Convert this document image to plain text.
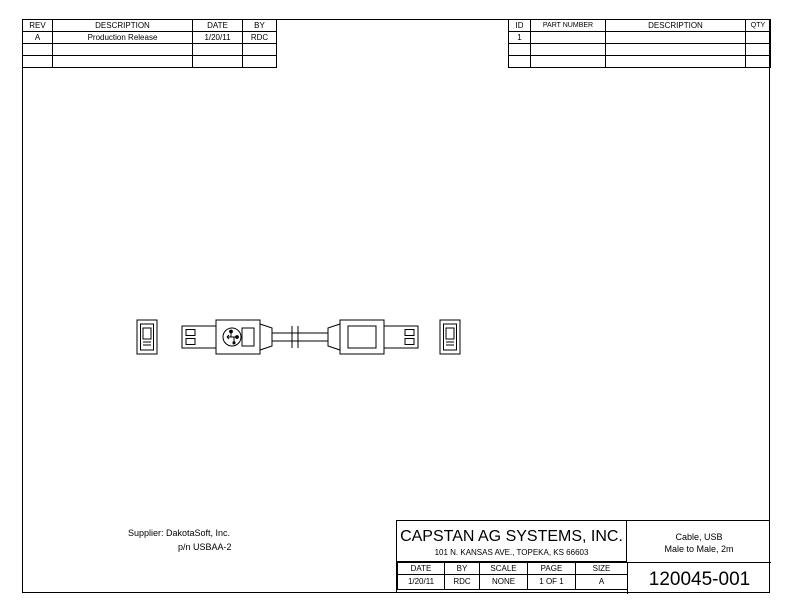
REV	DESCRIPTION	DATE	BY
A	Production Release	1/20/11	RDC

ID	PART NUMBER	DESCRIPTION	QTY
1			

Supplier: DakotaSoft, Inc.
p/n USBAA-2
CAPSTAN AG SYSTEMS, INC.
101 N. KANSAS AVE., TOPEKA, KS 66603
Cable, USB
Male to Male, 2m
DATE	BY	SCALE	PAGE	SIZE
1/20/11	RDC	NONE	1 OF 1	A	120045-001
